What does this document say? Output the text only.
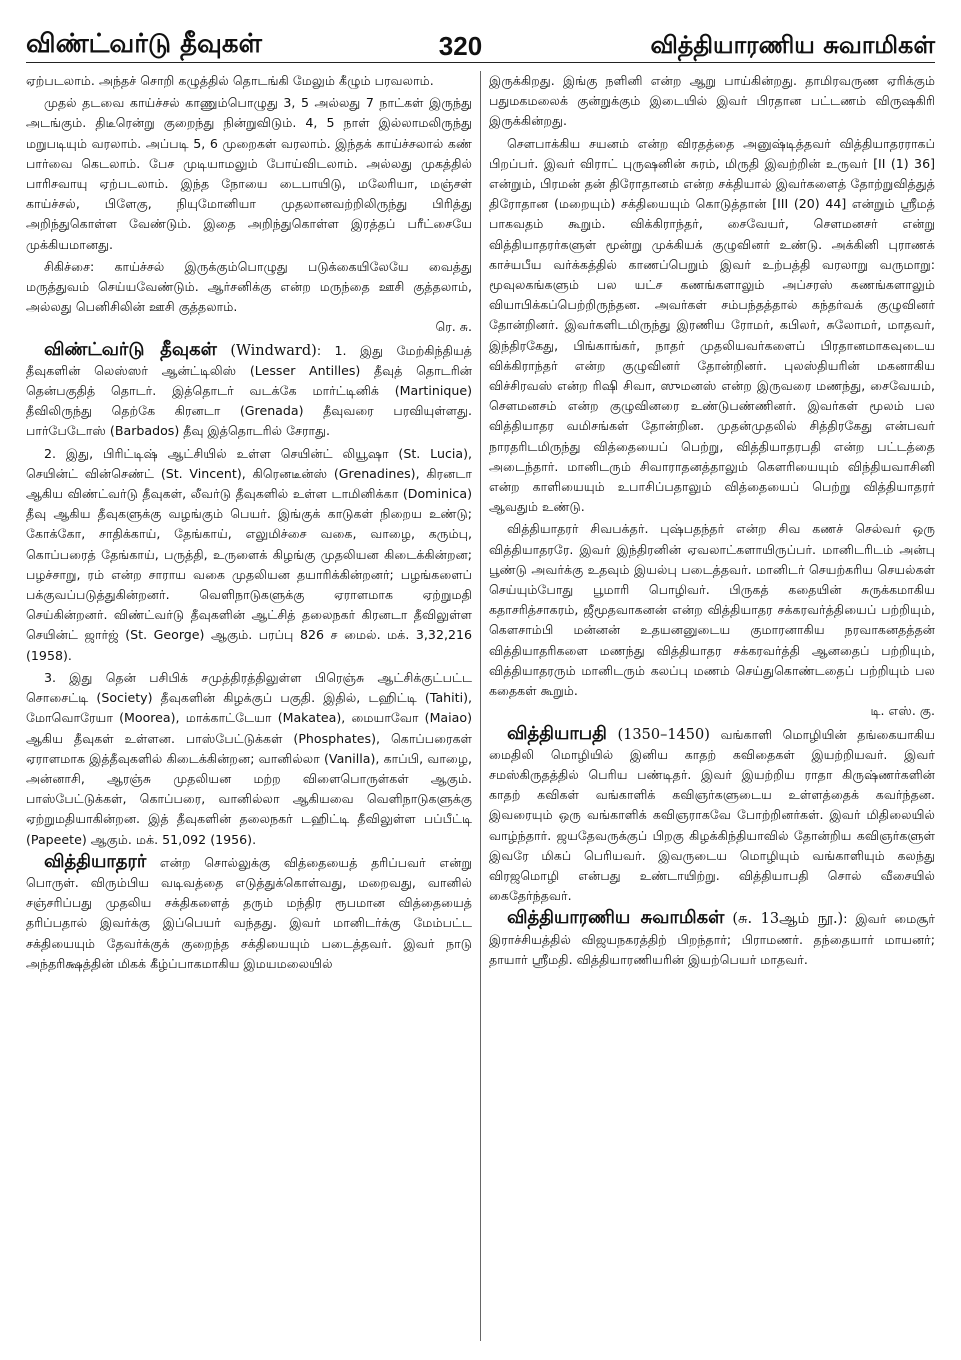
விண்ட்வர்டு தீவுகள்	320	வித்தியாரணிய சுவாமிகள்

ஏற்படலாம். அந்தச் சொறி கழுத்தில் தொடங்கி மேலும் கீழும் பரவலாம்.

முதல் தடவை காய்ச்சல் காணும்பொழுது 3, 5 அல்லது 7 நாட்கள் இருந்து அடங்கும். திடீரென்று குறைந்து நின்றுவிடும். 4, 5 நாள் இல்லாமலிருந்து மறுபடியும் வரலாம். அப்படி 5, 6 முறைகள் வரலாம். இந்தக் காய்ச்சலால் கண் பார்வை கெடலாம். பேச முடியாமலும் போய்விடலாம். அல்லது முகத்தில் பாரிசவாயு ஏற்படலாம். இந்த நோயை டைபாயிடு, மலேரியா, மஞ்சள் காய்ச்சல், பிளேகு, நியுமோனியா முதலானவற்றிலிருந்து பிரித்து அறிந்துகொள்ள வேண்டும். இதை அறிந்துகொள்ள இரத்தப் பரீட்சையே முக்கியமானது.

சிகிச்சை: காய்ச்சல் இருக்கும்பொழுது படுக்கையிலேயே வைத்து மருத்துவம் செய்யவேண்டும். ஆர்சனிக்கு என்ற மருந்தை ஊசி குத்தலாம், அல்லது பெனிசிலின் ஊசி குத்தலாம்.
ரெ. சு.

விண்ட்வர்டு தீவுகள் (Windward): 1. இது மேற்கிந்தியத் தீவுகளின் லெஸ்ஸர் ஆன்ட்டிலிஸ் (Lesser Antilles) தீவுத் தொடரின் தென்பகுதித் தொடர். இத்தொடர் வடக்கே மார்ட்டினிக் (Martinique) தீவிலிருந்து தெற்கே கிரனடா (Grenada) தீவுவரை பரவியுள்ளது. பார்பேடோஸ் (Barbados) தீவு இத்தொடரில் சேராது.

2. இது, பிரிட்டிஷ் ஆட்சியில் உள்ள செயின்ட் லியூஷா (St. Lucia), செயின்ட் வின்செண்ட் (St. Vincent), கிரெனடீன்ஸ் (Grenadines), கிரனடா ஆகிய விண்ட்வர்டு தீவுகள், லீவர்டு தீவுகளில் உள்ள டாமினிக்கா (Dominica) தீவு ஆகிய தீவுகளுக்கு வழங்கும் பெயர். இங்குக் காடுகள் நிறைய உண்டு; கோக்கோ, சாதிக்காய், தேங்காய், எலுமிச்சை வகை, வாழை, கரும்பு, கொப்பரைத் தேங்காய், பருத்தி, உருளைக் கிழங்கு முதலியன கிடைக்கின்றன; பழச்சாறு, ரம் என்ற சாராய வகை முதலியன தயாரிக்கின்றனர்; பழங்களைப் பக்குவப்படுத்துகின்றனர். வெளிநாடுகளுக்கு ஏராளமாக ஏற்றுமதி செய்கின்றனர். விண்ட்வர்டு தீவுகளின் ஆட்சித் தலைநகர் கிரனடா தீவிலுள்ள செயின்ட் ஜார்ஜ் (St. George) ஆகும். பரப்பு 826 ச மைல். மக். 3,32,216 (1958).

3. இது தென் பசிபிக் சமுத்திரத்திலுள்ள பிரெஞ்சு ஆட்சிக்குட்பட்ட சொசைட்டி (Society) தீவுகளின் கிழக்குப் பகுதி. இதில், டஹிட்டி (Tahiti), மோவொரேயா (Moorea), மாக்காட்டேயா (Makatea), மையாவோ (Maiao) ஆகிய தீவுகள் உள்ளன. பாஸ்பேட்டுக்கள் (Phosphates), கொப்பரைகள் ஏராளமாக இத்தீவுகளில் கிடைக்கின்றன; வானில்லா (Vanilla), காப்பி, வாழை, அன்னாசி, ஆரஞ்சு முதலியன மற்ற விளைபொருள்கள் ஆகும். பாஸ்பேட்டுக்கள், கொப்பரை, வானில்லா ஆகியவை வெளிநாடுகளுக்கு ஏற்றுமதியாகின்றன. இத் தீவுகளின் தலைநகர் டஹிட்டி தீவிலுள்ள பப்பீட்டி (Papeete) ஆகும். மக். 51,092 (1956).

வித்தியாதரர் என்ற சொல்லுக்கு வித்தையைத் தரிப்பவர் என்று பொருள். விரும்பிய வடிவத்தை எடுத்துக்கொள்வது, மறைவது, வானில் சஞ்சரிப்பது முதலிய சக்திகளைத் தரும் மந்திர ரூபமான வித்தையைத் தரிப்பதால் இவர்க்கு இப்பெயர் வந்தது. இவர் மானிடர்க்கு மேம்பட்ட சக்தியையும் தேவர்க்குக் குறைந்த சக்தியையும் படைத்தவர். இவர் நாடு அந்தரிக்ஷத்தின் மிகக் கீழ்ப்பாகமாகிய இமயமலையில்

இருக்கிறது. இங்கு நளினி என்ற ஆறு பாய்கின்றது. தாமிரவருண ஏரிக்கும் பதுமகமலைக் குன்றுக்கும் இடையில் இவர் பிரதான பட்டணம் விருஷகிரி இருக்கின்றது.

சௌபாக்கிய சயனம் என்ற விரதத்தை அனுஷ்டித்தவர் வித்தியாதரராகப் பிறப்பர். இவர் விராட் புருஷனின் சுரம், மிருதி இவற்றின் உருவர் [II (1) 36] என்றும், பிரமன் தன் திரோதானம் என்ற சக்தியால் இவர்களைத் தோற்றுவித்துத் திரோதான (மறையும்) சக்தியையும் கொடுத்தான் [III (20) 44] என்றும் ஸ்ரீமத் பாகவதம் கூறும். விக்கிராந்தர், சைவேயர், சௌமனசர் என்று வித்தியாதரர்களுள் மூன்று முக்கியக் குழுவினர் உண்டு. அக்கினி புராணக் காச்யபீய வர்க்கத்தில் காணப்பெறும் இவர் உற்பத்தி வரலாறு வருமாறு: மூவுலகங்களும் பல யட்ச கணங்களாலும் அப்சரஸ் கணங்களாலும் வியாபிக்கப்பெற்றிருந்தன. அவர்கள் சம்பந்தத்தால் கந்தர்வக் குழுவினர் தோன்றினர். இவர்களிடமிருந்து இரணிய ரோமர், கபிலர், சுலோமர், மாதவர், இந்திரகேது, பிங்காங்கர், நாதர் முதலியவர்களைப் பிரதானமாகவுடைய விக்கிராந்தர் என்ற குழுவினர் தோன்றினர். புலஸ்தியரின் மகனாகிய விச்சிரவஸ் என்ற ரிஷி சிவா, ஸுமனஸ் என்ற இருவரை மணந்து, சைவேயம், சௌமனசம் என்ற குழுவினரை உண்டுபண்ணினர். இவர்கள் மூலம் பல வித்தியாதர வமிசங்கள் தோன்றின. முதன்முதலில் சித்திரகேது என்பவர் நாரதரிடமிருந்து வித்தையைப் பெற்று, வித்தியாதரபதி என்ற பட்டத்தை அடைந்தார். மானிடரும் சிவாராதனத்தாலும் கௌரியையும் விந்தியவாசினி என்ற காளியையும் உபாசிப்பதாலும் வித்தையைப் பெற்று வித்தியாதரர் ஆவதும் உண்டு.

வித்தியாதரர் சிவபக்தர். புஷ்பதந்தர் என்ற சிவ கணச் செல்வர் ஒரு வித்தியாதரரே. இவர் இந்திரனின் ஏவலாட்களாயிருப்பர். மானிடரிடம் அன்பு பூண்டு அவர்க்கு உதவும் இயல்பு படைத்தவர். மானிடர் செயற்கரிய செயல்கள் செய்யும்போது பூமாரி பொழிவர். பிருகத் கதையின் சுருக்கமாகிய கதாசரித்சாகரம், ஜீமூதவாகனன் என்ற வித்தியாதர சக்கரவர்த்தியைப் பற்றியும், கௌசாம்பி மன்னன் உதயனனுடைய குமாரனாகிய நரவாகனதத்தன் வித்தியாதரிகளை மணந்து வித்தியாதர சக்கரவர்த்தி ஆனதைப் பற்றியும், வித்தியாதரரும் மானிடரும் கலப்பு மணம் செய்துகொண்டதைப் பற்றியும் பல கதைகள் கூறும்.
டி. எஸ். கு.

வித்தியாபதி (1350–1450) வங்காளி மொழியின் தங்கையாகிய மைதிலி மொழியில் இனிய காதற் கவிதைகள் இயற்றியவர். இவர் சமஸ்கிருதத்தில் பெரிய பண்டிதர். இவர் இயற்றிய ராதா கிருஷ்ணர்களின் காதற் கவிகள் வங்காளிக் கவிஞர்களுடைய உள்ளத்தைக் கவர்ந்தன. இவரையும் ஒரு வங்காளிக் கவிஞராகவே போற்றினர்கள். இவர் மிதிலையில் வாழ்ந்தார். ஜயதேவருக்குப் பிறகு கிழக்கிந்தியாவில் தோன்றிய கவிஞர்களுள் இவரே மிகப் பெரியவர். இவருடைய மொழியும் வங்காளியும் கலந்து விரஜமொழி என்பது உண்டாயிற்று. வித்தியாபதி சொல் வீசையில் கைதேர்ந்தவர்.

வித்தியாரணிய சுவாமிகள் (சு. 13ஆம் நூ.): இவர் மைசூர் இராச்சியத்தில் விஜயநகரத்திற் பிறந்தார்; பிராமணர். தந்தையார் மாயனர்; தாயார் ஸ்ரீமதி. வித்தியாரணியரின் இயற்பெயர் மாதவர்.
